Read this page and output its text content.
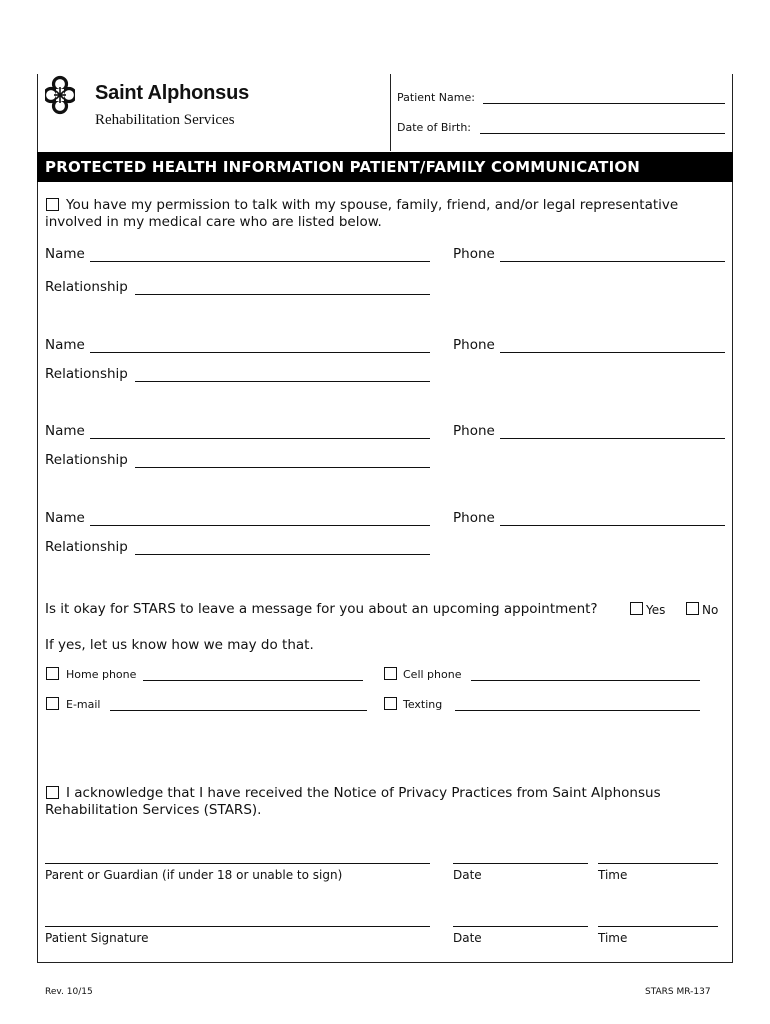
Saint Alphonsus
Rehabilitation Services
Patient Name:
Date of Birth:
PROTECTED HEALTH INFORMATION PATIENT/FAMILY COMMUNICATION
You have my permission to talk with my spouse, family, friend, and/or legal representative
involved in my medical care who are listed below.
Name	Phone
Relationship
Name	Phone
Relationship
Name	Phone
Relationship
Name	Phone
Relationship
Is it okay for STARS to leave a message for you about an upcoming appointment?	Yes	No
If yes, let us know how we may do that.
Home phone	Cell phone
E-mail	Texting
I acknowledge that I have received the Notice of Privacy Practices from Saint Alphonsus
Rehabilitation Services (STARS).
Parent or Guardian (if under 18 or unable to sign)	Date	Time
Patient Signature	Date	Time
Rev. 10/15	STARS MR-137
